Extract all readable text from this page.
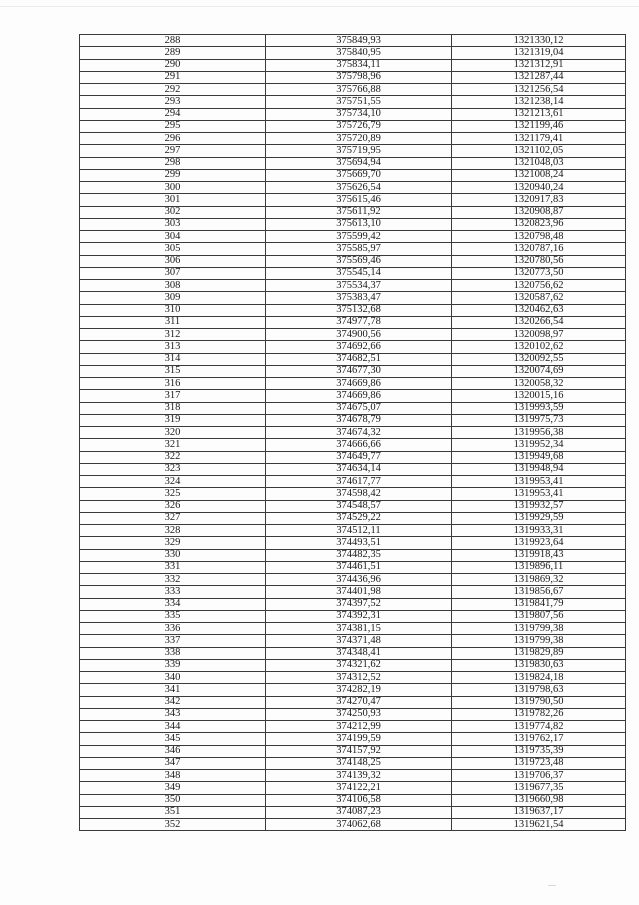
288	375849,93	1321330,12
289	375840,95	1321319,04
290	375834,11	1321312,91
291	375798,96	1321287,44
292	375766,88	1321256,54
293	375751,55	1321238,14
294	375734,10	1321213,61
295	375726,79	1321199,46
296	375720,89	1321179,41
297	375719,95	1321102,05
298	375694,94	1321048,03
299	375669,70	1321008,24
300	375626,54	1320940,24
301	375615,46	1320917,83
302	375611,92	1320908,87
303	375613,10	1320823,96
304	375599,42	1320798,48
305	375585,97	1320787,16
306	375569,46	1320780,56
307	375545,14	1320773,50
308	375534,37	1320756,62
309	375383,47	1320587,62
310	375132,68	1320462,63
311	374977,78	1320266,54
312	374900,56	1320098,97
313	374692,66	1320102,62
314	374682,51	1320092,55
315	374677,30	1320074,69
316	374669,86	1320058,32
317	374669,86	1320015,16
318	374675,07	1319993,59
319	374678,79	1319975,73
320	374674,32	1319956,38
321	374666,66	1319952,34
322	374649,77	1319949,68
323	374634,14	1319948,94
324	374617,77	1319953,41
325	374598,42	1319953,41
326	374548,57	1319932,57
327	374529,22	1319929,59
328	374512,11	1319933,31
329	374493,51	1319923,64
330	374482,35	1319918,43
331	374461,51	1319896,11
332	374436,96	1319869,32
333	374401,98	1319856,67
334	374397,52	1319841,79
335	374392,31	1319807,56
336	374381,15	1319799,38
337	374371,48	1319799,38
338	374348,41	1319829,89
339	374321,62	1319830,63
340	374312,52	1319824,18
341	374282,19	1319798,63
342	374270,47	1319790,50
343	374250,93	1319782,26
344	374212,99	1319774,82
345	374199,59	1319762,17
346	374157,92	1319735,39
347	374148,25	1319723,48
348	374139,32	1319706,37
349	374122,21	1319677,35
350	374106,58	1319660,98
351	374087,23	1319637,17
352	374062,68	1319621,54
